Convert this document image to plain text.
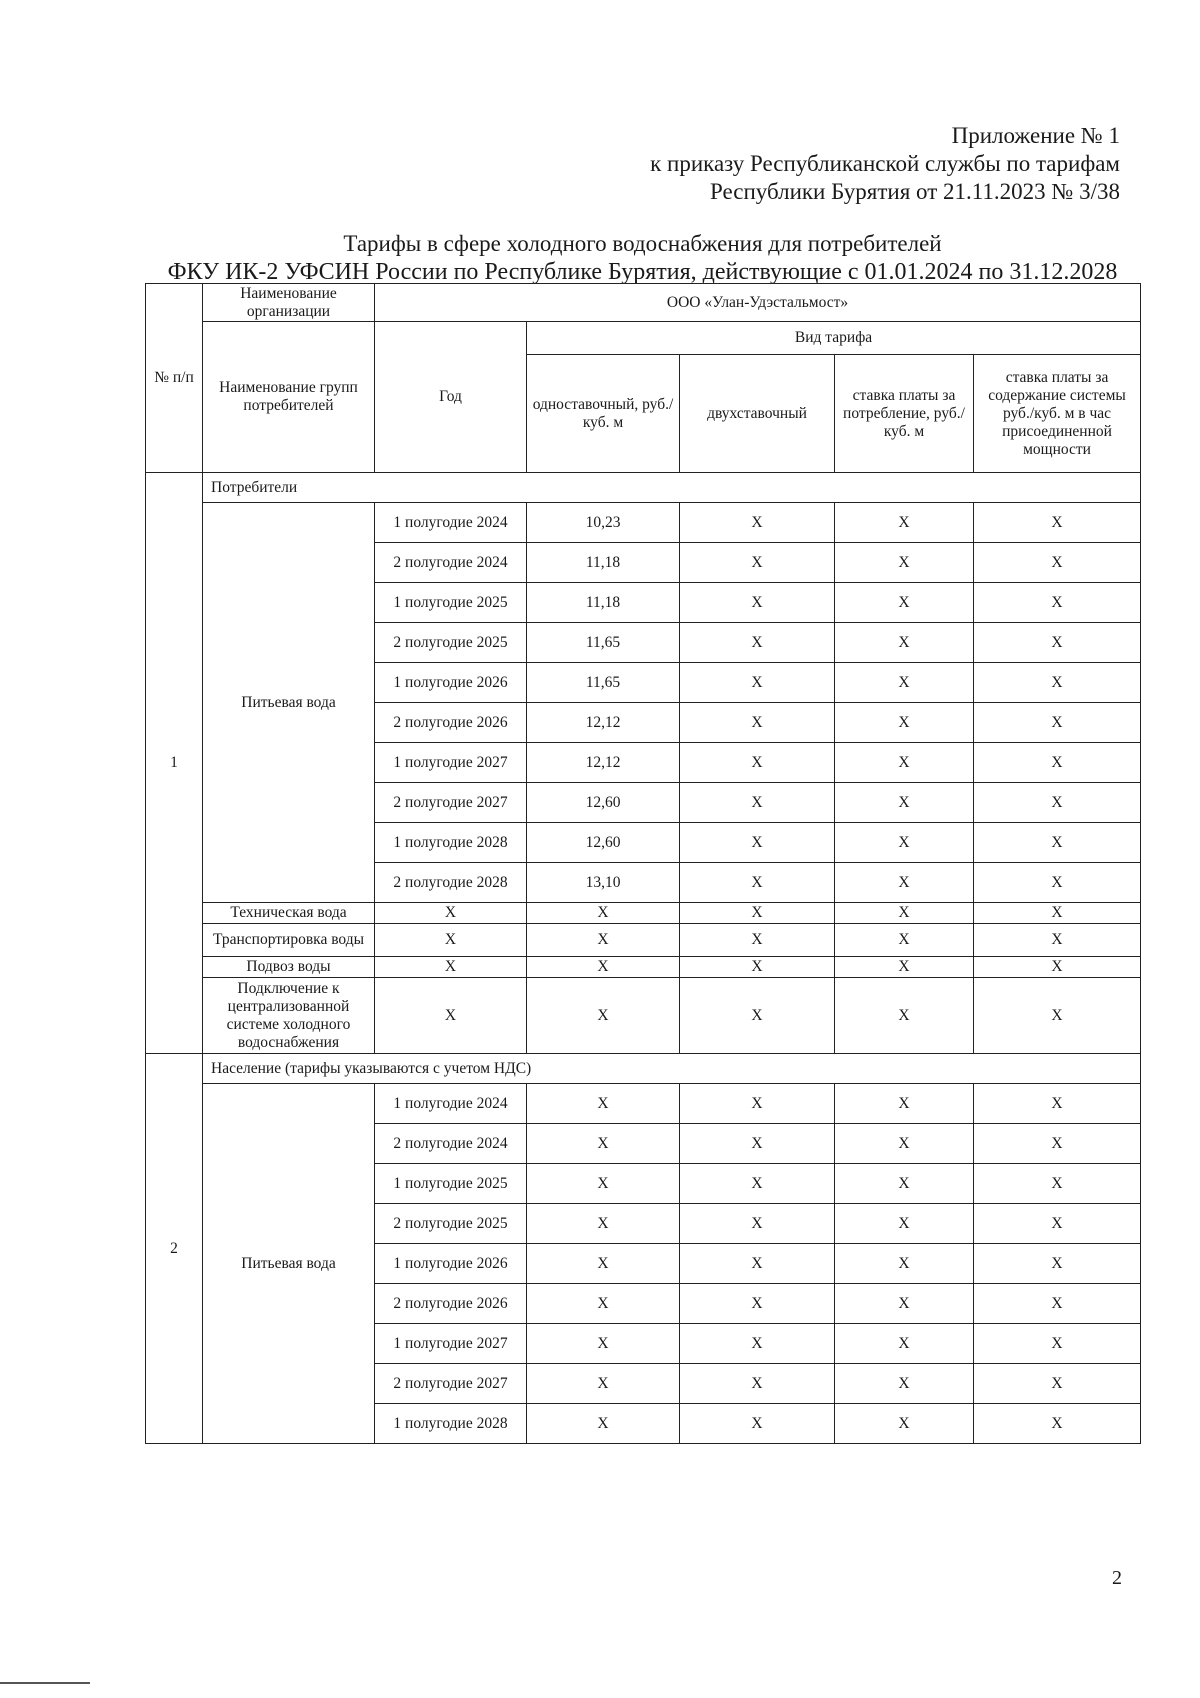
Приложение № 1
к приказу Республиканской службы по тарифам
Республики Бурятия от 21.11.2023 № 3/38
Тарифы в сфере холодного водоснабжения для потребителей
ФКУ ИК-2 УФСИН России по Республике Бурятия, действующие с 01.01.2024 по 31.12.2028
№ п/п	Наименование организации	ООО «Улан-Удэстальмост»				
	Наименование групп потребителей	Год	Вид тарифа			
			одноставочный, руб./ куб. м	двухставочный	ставка платы за потребление, руб./ куб. м	ставка платы за содержание системы руб./куб. м в час присоединенной мощности
1	Потребители					
	Питьевая вода	1 полугодие 2024	10,23	X	X	X
		2 полугодие 2024	11,18	X	X	X
		1 полугодие 2025	11,18	X	X	X
		2 полугодие 2025	11,65	X	X	X
		1 полугодие 2026	11,65	X	X	X
		2 полугодие 2026	12,12	X	X	X
		1 полугодие 2027	12,12	X	X	X
		2 полугодие 2027	12,60	X	X	X
		1 полугодие 2028	12,60	X	X	X
		2 полугодие 2028	13,10	X	X	X
	Техническая вода	X	X	X	X	X
	Транспортировка воды	X	X	X	X	X
	Подвоз воды	X	X	X	X	X
	Подключение к централизованной системе холодного водоснабжения	X	X	X	X	X
2	Население (тарифы указываются с учетом НДС)					
	Питьевая вода	1 полугодие 2024	X	X	X	X
		2 полугодие 2024	X	X	X	X
		1 полугодие 2025	X	X	X	X
		2 полугодие 2025	X	X	X	X
		1 полугодие 2026	X	X	X	X
		2 полугодие 2026	X	X	X	X
		1 полугодие 2027	X	X	X	X
		2 полугодие 2027	X	X	X	X
		1 полугодие 2028	X	X	X	X
2
